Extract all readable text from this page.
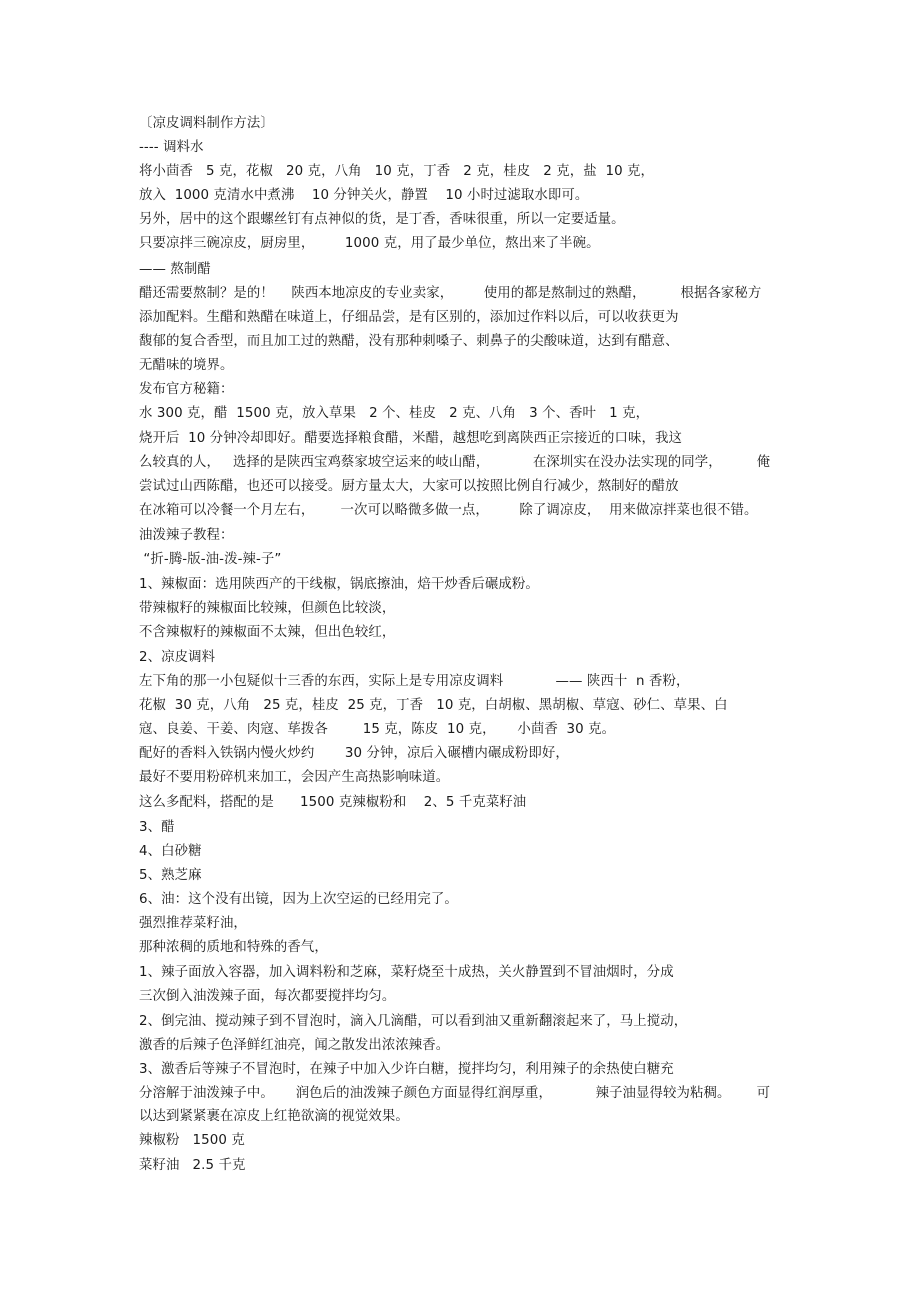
〔凉皮调料制作方法〕
---- 调料水
将小茴香   5 克，花椒   20 克，八角   10 克，丁香   2 克，桂皮   2 克，盐  10 克，
放入  1000 克清水中煮沸    10 分钟关火，静置    10 小时过滤取水即可。
另外，居中的这个跟螺丝钉有点神似的货，是丁香，香味很重，所以一定要适量。
只要凉拌三碗凉皮，厨房里，       1000 克，用了最少单位，熬出来了半碗。
—— 熬制醋
醋还需要熬制？是的！    陕西本地凉皮的专业卖家，       使用的都是熬制过的熟醋，        根据各家秘方
添加配料。生醋和熟醋在味道上，仔细品尝，是有区别的，添加过作料以后，可以收获更为
馥郁的复合香型，而且加工过的熟醋，没有那种刺嗓子、刺鼻子的尖酸味道，达到有醋意、
无醋味的境界。
发布官方秘籍：
水 300 克，醋  1500 克，放入草果   2 个、桂皮   2 克、八角   3 个、香叶   1 克，
烧开后  10 分钟冷却即好。醋要选择粮食醋，米醋，越想吃到离陕西正宗接近的口味，我这
么较真的人，   选择的是陕西宝鸡蔡家坡空运来的岐山醋，          在深圳实在没办法实现的同学，        俺
尝试过山西陈醋，也还可以接受。厨方量太大，大家可以按照比例自行减少，熬制好的醋放
在冰箱可以冷餐一个月左右，      一次可以略微多做一点，       除了调凉皮，  用来做凉拌菜也很不错。
油泼辣子教程：
“折-腾-版-油-泼-辣-子”
1、辣椒面：选用陕西产的干线椒，锅底擦油，焙干炒香后碾成粉。
带辣椒籽的辣椒面比较辣，但颜色比较淡，
不含辣椒籽的辣椒面不太辣，但出色较红，
2、凉皮调料
左下角的那一小包疑似十三香的东西，实际上是专用凉皮调料            —— 陕西十  n 香粉，
花椒  30 克，八角   25 克，桂皮  25 克，丁香   10 克，白胡椒、黑胡椒、草寇、砂仁、草果、白
寇、良姜、干姜、肉寇、荜拨各        15 克，陈皮  10 克，     小茴香  30 克。
配好的香料入铁锅内慢火炒约       30 分钟，凉后入碾槽内碾成粉即好，
最好不要用粉碎机来加工，会因产生高热影响味道。
这么多配料，搭配的是      1500 克辣椒粉和    2、5 千克菜籽油
3、醋
4、白砂糖
5、熟芝麻
6、油：这个没有出镜，因为上次空运的已经用完了。
强烈推荐菜籽油，
那种浓稠的质地和特殊的香气，
1、辣子面放入容器，加入调料粉和芝麻，菜籽烧至十成热，关火静置到不冒油烟时，分成
三次倒入油泼辣子面，每次都要搅拌均匀。
2、倒完油、搅动辣子到不冒泡时，滴入几滴醋，可以看到油又重新翻滚起来了，马上搅动，
激香的后辣子色泽鲜红油亮，闻之散发出浓浓辣香。
3、激香后等辣子不冒泡时，在辣子中加入少许白糖，搅拌均匀，利用辣子的余热使白糖充
分溶解于油泼辣子中。     润色后的油泼辣子颜色方面显得红润厚重，          辣子油显得较为粘稠。      可
以达到紧紧裹在凉皮上红艳欲滴的视觉效果。
辣椒粉   1500 克
菜籽油   2.5 千克
